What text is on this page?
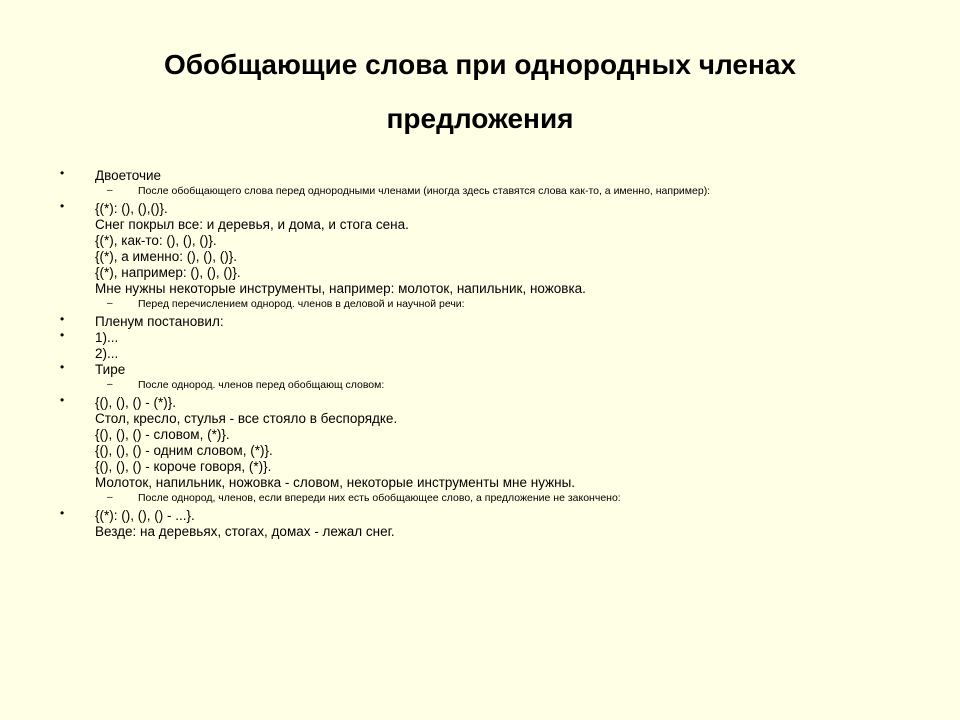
Обобщающие слова при однородных членах
предложения
• Двоеточие
– После обобщающего слова перед однородными членами (иногда здесь ставятся слова как-то, а именно, например):
• {(*): (), (),()}.
Снег покрыл все: и деревья, и дома, и стога сена.
{(*), как-то: (), (), ()}.
{(*), а именно: (), (), ()}.
{(*), например: (), (), ()}.
Мне нужны некоторые инструменты, например: молоток, напильник, ножовка.
– Перед перечислением однород. членов в деловой и научной речи:
• Пленум постановил:
• 1)...
2)...
• Тире
– После однород. членов перед обобщающ словом:
• {(), (), () - (*)}.
Стол, кресло, стулья - все стояло в беспорядке.
{(), (), () - словом, (*)}.
{(), (), () - одним словом, (*)}.
{(), (), () - короче говоря, (*)}.
Молоток, напильник, ножовка - словом, некоторые инструменты мне нужны.
– После однород, членов, если впереди них есть обобщающее слово, а предложение не закончено:
• {(*): (), (), () - ...}.
Везде: на деревьях, стогах, домах - лежал снег.
